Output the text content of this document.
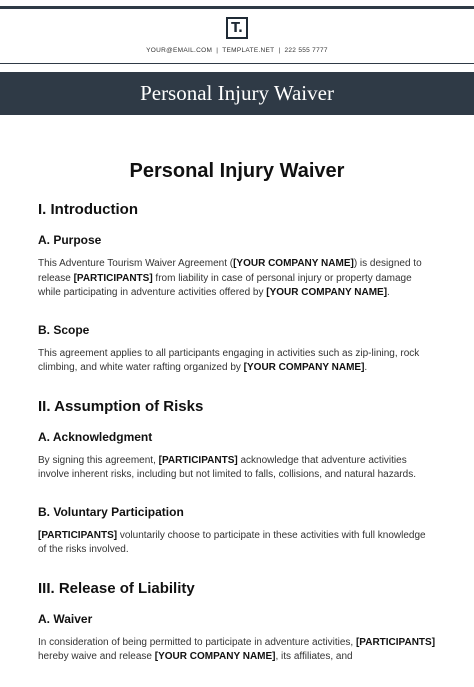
T.
YOUR@EMAIL.COM | TEMPLATE.NET | 222 555 7777
Personal Injury Waiver
Personal Injury Waiver
I. Introduction
A. Purpose
This Adventure Tourism Waiver Agreement ([YOUR COMPANY NAME]) is designed to release [PARTICIPANTS] from liability in case of personal injury or property damage while participating in adventure activities offered by [YOUR COMPANY NAME].
B. Scope
This agreement applies to all participants engaging in activities such as zip-lining, rock climbing, and white water rafting organized by [YOUR COMPANY NAME].
II. Assumption of Risks
A. Acknowledgment
By signing this agreement, [PARTICIPANTS] acknowledge that adventure activities involve inherent risks, including but not limited to falls, collisions, and natural hazards.
B. Voluntary Participation
[PARTICIPANTS] voluntarily choose to participate in these activities with full knowledge of the risks involved.
III. Release of Liability
A. Waiver
In consideration of being permitted to participate in adventure activities, [PARTICIPANTS] hereby waive and release [YOUR COMPANY NAME], its affiliates, and
